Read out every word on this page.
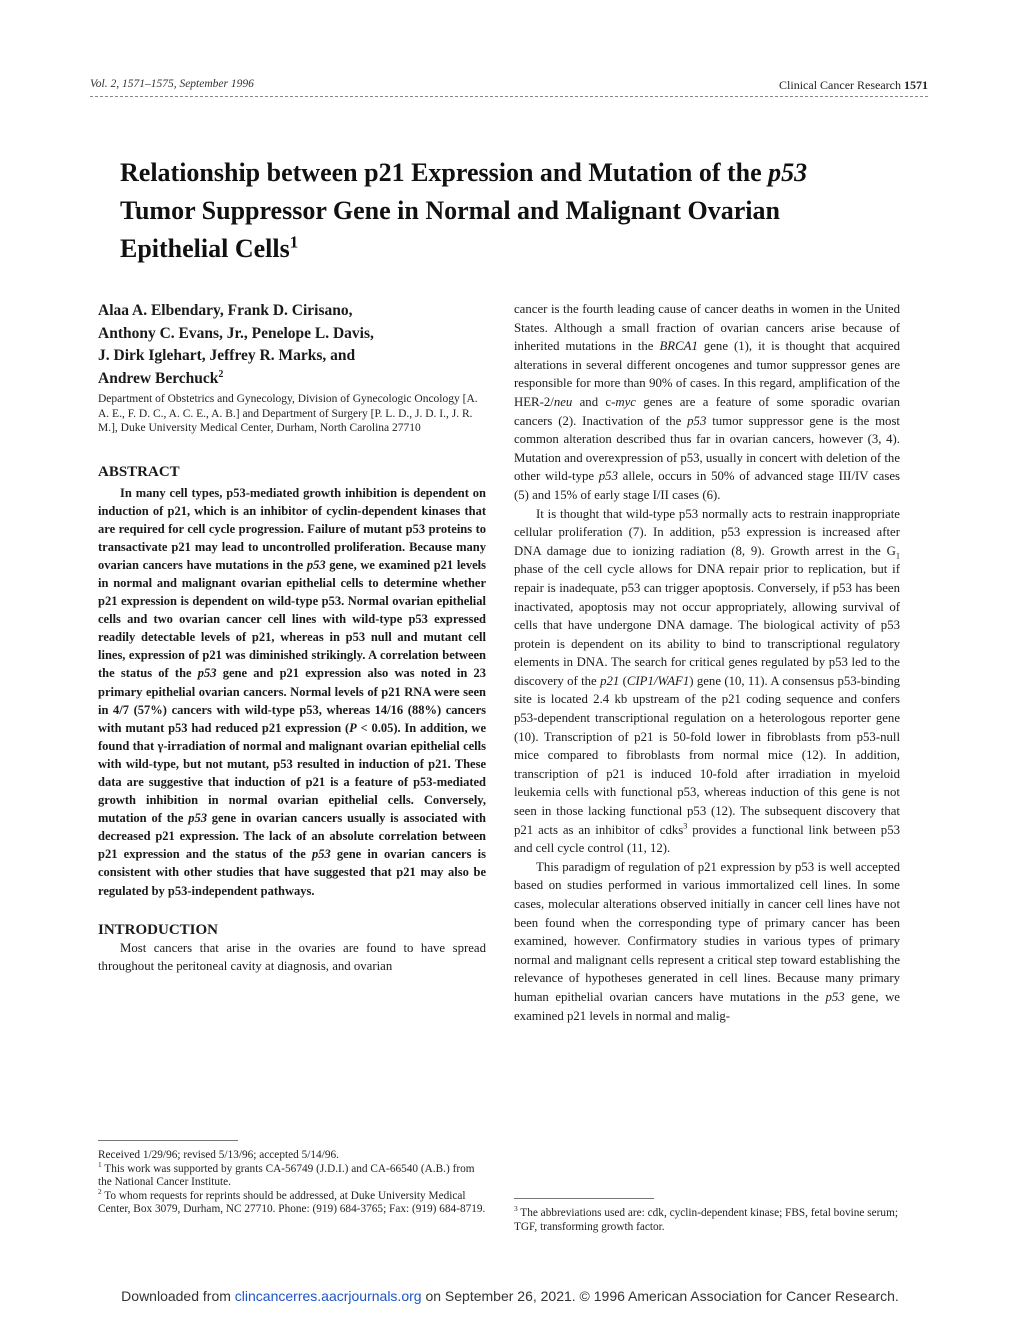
Vol. 2, 1571–1575, September 1996	Clinical Cancer Research 1571
Relationship between p21 Expression and Mutation of the p53
Tumor Suppressor Gene in Normal and Malignant Ovarian
Epithelial Cells$^1$
Alaa A. Elbendary, Frank D. Cirisano,
Anthony C. Evans, Jr., Penelope L. Davis,
J. Dirk Iglehart, Jeffrey R. Marks, and
Andrew Berchuck$^2$
Department of Obstetrics and Gynecology, Division of Gynecologic Oncology [A. A. E., F. D. C., A. C. E., A. B.] and Department of Surgery [P. L. D., J. D. I., J. R. M.], Duke University Medical Center, Durham, North Carolina 27710
ABSTRACT

In many cell types, p53-mediated growth inhibition is dependent on induction of p21, which is an inhibitor of cyclin-dependent kinases that are required for cell cycle progression. Failure of mutant p53 proteins to transactivate p21 may lead to uncontrolled proliferation. Because many ovarian cancers have mutations in the p53 gene, we examined p21 levels in normal and malignant ovarian epithelial cells to determine whether p21 expression is dependent on wild-type p53. Normal ovarian epithelial cells and two ovarian cancer cell lines with wild-type p53 expressed readily detectable levels of p21, whereas in p53 null and mutant cell lines, expression of p21 was diminished strikingly. A correlation between the status of the p53 gene and p21 expression also was noted in 23 primary epithelial ovarian cancers. Normal levels of p21 RNA were seen in 4/7 (57%) cancers with wild-type p53, whereas 14/16 (88%) cancers with mutant p53 had reduced p21 expression (P < 0.05). In addition, we found that γ-irradiation of normal and malignant ovarian epithelial cells with wild-type, but not mutant, p53 resulted in induction of p21. These data are suggestive that induction of p21 is a feature of p53-mediated growth inhibition in normal ovarian epithelial cells. Conversely, mutation of the p53 gene in ovarian cancers usually is associated with decreased p21 expression. The lack of an absolute correlation between p21 expression and the status of the p53 gene in ovarian cancers is consistent with other studies that have suggested that p21 may also be regulated by p53-independent pathways.

INTRODUCTION

Most cancers that arise in the ovaries are found to have spread throughout the peritoneal cavity at diagnosis, and ovarian

cancer is the fourth leading cause of cancer deaths in women in the United States. Although a small fraction of ovarian cancers arise because of inherited mutations in the BRCA1 gene (1), it is thought that acquired alterations in several different oncogenes and tumor suppressor genes are responsible for more than 90% of cases. In this regard, amplification of the HER-2/neu and c-myc genes are a feature of some sporadic ovarian cancers (2). Inactivation of the p53 tumor suppressor gene is the most common alteration described thus far in ovarian cancers, however (3, 4). Mutation and overexpression of p53, usually in concert with deletion of the other wild-type p53 allele, occurs in 50% of advanced stage III/IV cases (5) and 15% of early stage I/II cases (6).

It is thought that wild-type p53 normally acts to restrain inappropriate cellular proliferation (7). In addition, p53 expression is increased after DNA damage due to ionizing radiation (8, 9). Growth arrest in the $G_1$ phase of the cell cycle allows for DNA repair prior to replication, but if repair is inadequate, p53 can trigger apoptosis. Conversely, if p53 has been inactivated, apoptosis may not occur appropriately, allowing survival of cells that have undergone DNA damage. The biological activity of p53 protein is dependent on its ability to bind to transcriptional regulatory elements in DNA. The search for critical genes regulated by p53 led to the discovery of the p21 (CIP1/WAF1) gene (10, 11). A consensus p53-binding site is located 2.4 kb upstream of the p21 coding sequence and confers p53-dependent transcriptional regulation on a heterologous reporter gene (10). Transcription of p21 is 50-fold lower in fibroblasts from p53-null mice compared to fibroblasts from normal mice (12). In addition, transcription of p21 is induced 10-fold after irradiation in myeloid leukemia cells with functional p53, whereas induction of this gene is not seen in those lacking functional p53 (12). The subsequent discovery that p21 acts as an inhibitor of cdks$^3$ provides a functional link between p53 and cell cycle control (11, 12).

This paradigm of regulation of p21 expression by p53 is well accepted based on studies performed in various immortalized cell lines. In some cases, molecular alterations observed initially in cancer cell lines have not been found when the corresponding type of primary cancer has been examined, however. Confirmatory studies in various types of primary normal and malignant cells represent a critical step toward establishing the relevance of hypotheses generated in cell lines. Because many primary human epithelial ovarian cancers have mutations in the p53 gene, we examined p21 levels in normal and malig-

Received 1/29/96; revised 5/13/96; accepted 5/14/96.

$^1$ This work was supported by grants CA-56749 (J.D.I.) and CA-66540 (A.B.) from the National Cancer Institute.

$^2$ To whom requests for reprints should be addressed, at Duke University Medical Center, Box 3079, Durham, NC 27710. Phone: (919) 684-3765; Fax: (919) 684-8719.	$^3$ The abbreviations used are: cdk, cyclin-dependent kinase; FBS, fetal bovine serum; TGF, transforming growth factor.

Downloaded from clincancerres.aacrjournals.org on September 26, 2021. © 1996 American Association for Cancer Research.
